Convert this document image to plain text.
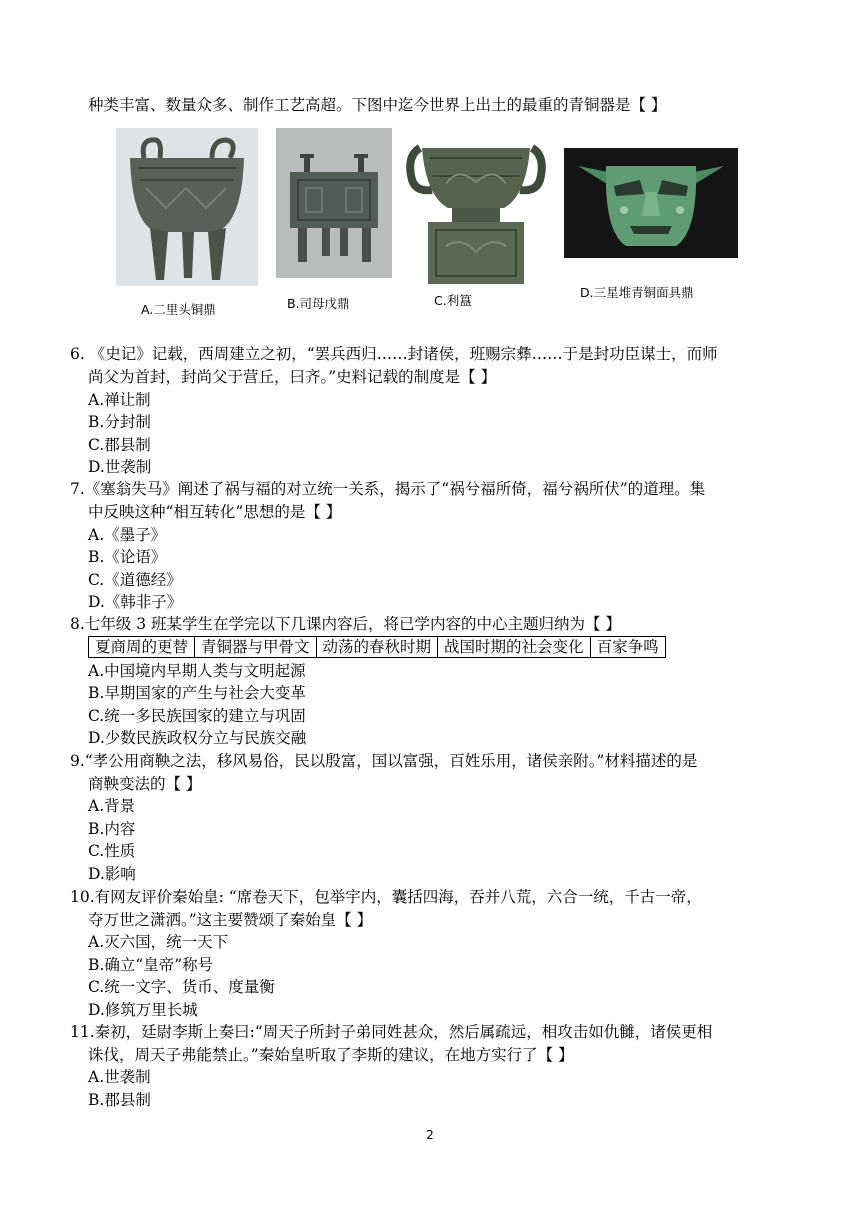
种类丰富、数量众多、制作工艺高超。下图中迄今世界上出土的最重的青铜器是【 】
A.二里头铜鼎	B.司母戊鼎	C.利簋
D.三星堆青铜面具鼎
6. 《史记》记载，西周建立之初，“罢兵西归……封诸侯，班赐宗彝……于是封功臣谋士，而师
尚父为首封，封尚父于营丘，曰齐。”史料记载的制度是【 】
A.禅让制
B.分封制
C.郡县制
D.世袭制
7.《塞翁失马》阐述了祸与福的对立统一关系，揭示了“祸兮福所倚，福兮祸所伏”的道理。集
中反映这种“相互转化”思想的是【 】
A.《墨子》
B.《论语》
C.《道德经》
D.《韩非子》
8.七年级 3 班某学生在学完以下几课内容后，将已学内容的中心主题归纳为【 】
夏商周的更替	青铜器与甲骨文	动荡的春秋时期	战国时期的社会变化	百家争鸣
A.中国境内早期人类与文明起源
B.早期国家的产生与社会大变革
C.统一多民族国家的建立与巩固
D.少数民族政权分立与民族交融
9.“孝公用商鞅之法，移风易俗，民以殷富，国以富强，百姓乐用，诸侯亲附。”材料描述的是
商鞅变法的【 】
A.背景
B.内容
C.性质
D.影响
10.有网友评价秦始皇: “席卷天下，包举宇内，囊括四海，吞并八荒，六合一统，千古一帝，
夺万世之潇洒。”这主要赞颂了秦始皇【 】
A.灭六国，统一天下
B.确立“皇帝”称号
C.统一文字、货币、度量衡
D.修筑万里长城
11.秦初，廷尉李斯上奏曰:“周天子所封子弟同姓甚众，然后属疏远，相攻击如仇雠，诸侯更相
诛伐，周天子弗能禁止。”秦始皇听取了李斯的建议，在地方实行了【 】
A.世袭制
B.郡县制
2
